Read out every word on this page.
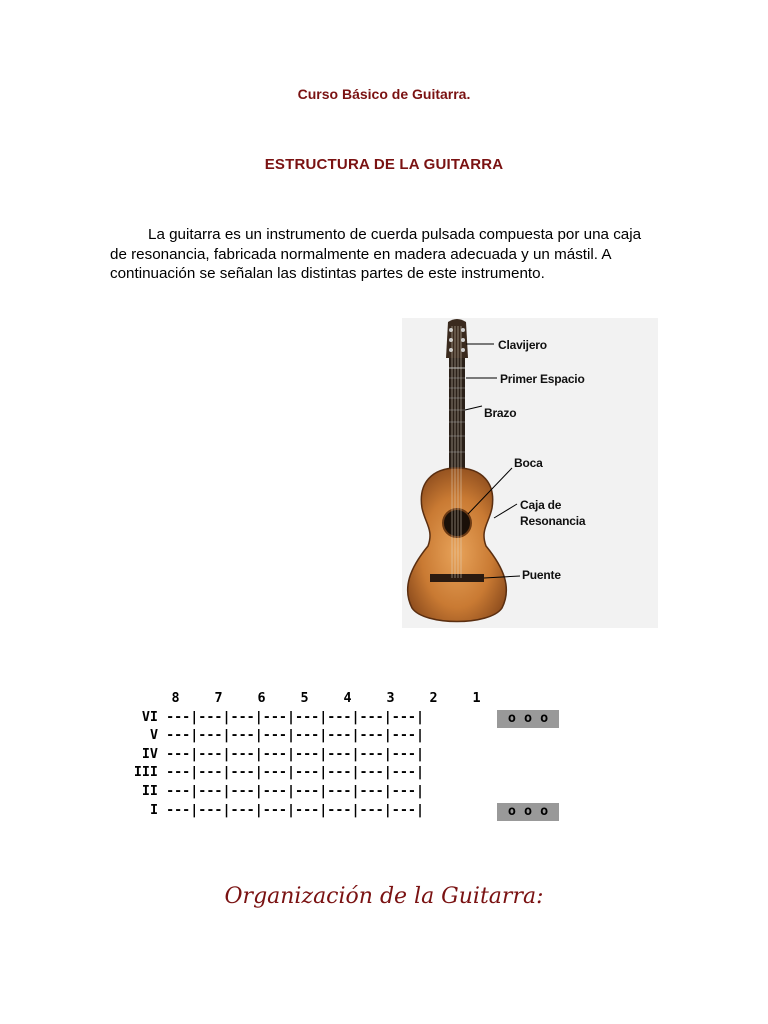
Curso Básico de Guitarra.
ESTRUCTURA DE LA GUITARRA

La guitarra es un instrumento de cuerda pulsada compuesta por una caja de resonancia, fabricada normalmente en madera adecuada y un mástil. A continuación se señalan las distintas partes de este instrumento.

Clavijero
Primer Espacio
Brazo
Boca
Caja de
Resonancia
Puente
8	7	6	5	4	3	2	1
VI ---|---|---|---|---|---|---|---|
V ---|---|---|---|---|---|---|---|
IV ---|---|---|---|---|---|---|---|
III ---|---|---|---|---|---|---|---|
II ---|---|---|---|---|---|---|---|
I ---|---|---|---|---|---|---|---|
o o o
o o o
Organización de la Guitarra:
